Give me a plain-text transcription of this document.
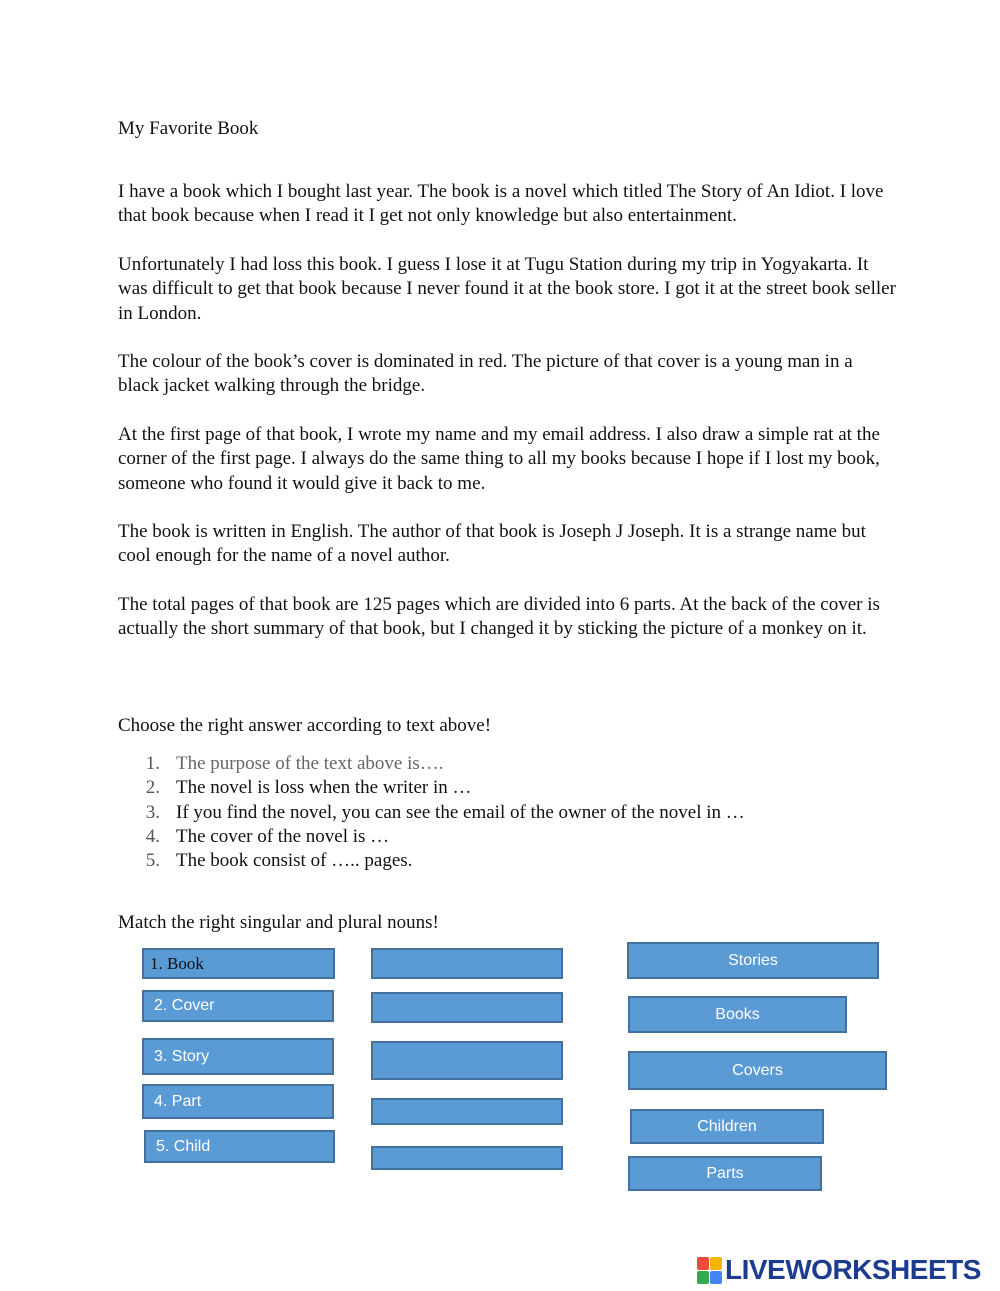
My Favorite Book

I have a book which I bought last year. The book is a novel which titled The Story of An Idiot. I love that book because when I read it I get not only knowledge but also entertainment.

Unfortunately I had loss this book. I guess I lose it at Tugu Station during my trip in Yogyakarta. It was difficult to get that book because I never found it at the book store. I got it at the street book seller in London.

The colour of the book’s cover is dominated in red. The picture of that cover is a young man in a black jacket walking through the bridge.

At the first page of that book, I wrote my name and my email address. I also draw a simple rat at the corner of the first page. I always do the same thing to all my books because I hope if I lost my book, someone who found it would give it back to me.

The book is written in English. The author of that book is Joseph J Joseph. It is a strange name but cool enough for the name of a novel author.

The total pages of that book are 125 pages which are divided into 6 parts. At the back of the cover is actually the short summary of that book, but I changed it by sticking the picture of a monkey on it.

Choose the right answer according to text above!
1. The purpose of the text above is….
2. The novel is loss when the writer in …
3. If you find the novel, you can see the email of the owner of the novel in …
4. The cover of the novel is …
5. The book consist of ….. pages.
Match the right singular and plural nouns!
1. Book
2. Cover
3. Story
4. Part
5. Child
Stories
Books
Covers
Children
Parts
LIVEWORKSHEETS
